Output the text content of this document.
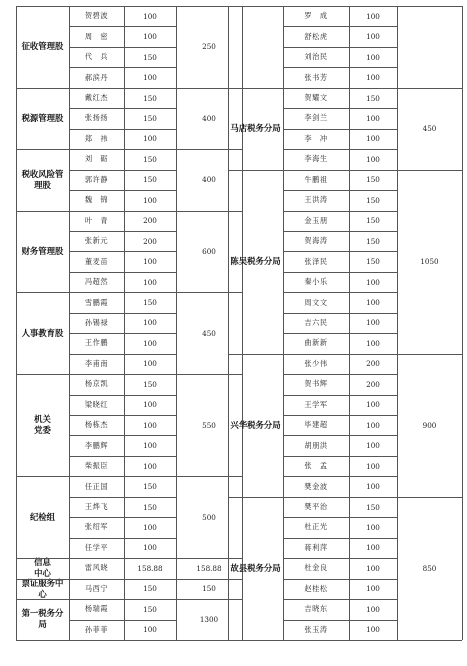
征收管理股
贺碧波	100
周　密	100
代　兵	150
郝滨丹	100
250
税源管理股
戴红杰	150
张扬扬	150
郑　祎	100
400
税收风险管理股
刘　砺	150
郭许静	150
魏　锦	100
400
财务管理股
叶　青	200
张新元	200
董麦苗	100
冯超然	100
600
人事教育股
雪鹏霞	150
孙锡禄	100
王作鹏	100
李甫南	100
450
机关
党委
杨京凯	150
梁晓红	100
杨栋杰	100
李鹏辉	100
柴振臣	100
550
纪检组
任正国	150
王烨飞	150
张绍军	100
任学平	100
500
信息
中心
雷风晓	158.88	158.88
票证服务中心
马西宁	150	150
第一税务分局
杨瑞霞	150
孙菲菲	100
1300
罗　成	100
舒松虎	100
刘治民	100
张书芳	100
马店税务分局
贺耀文	150
李剑兰	100
李　冲	100
李海生	100
450
陈吴税务分局
牛鹏祖	150
王洪涛	150
金玉朋	150
贺海涛	150
张泽民	150
秦小乐	100
周文文	100
吉六民	100
曲新新	100
1050
兴华税务分局
张少伟	200
贺书辉	200
王学军	100
毕建超	100
胡朋洪	100
张　孟	100
樊金波	100
900
故县税务分局
樊平治	150
杜正光	100
蒋利萍	100
杜金良	100
赵桂松	100
吉晓东	100
张玉涛	100
850
